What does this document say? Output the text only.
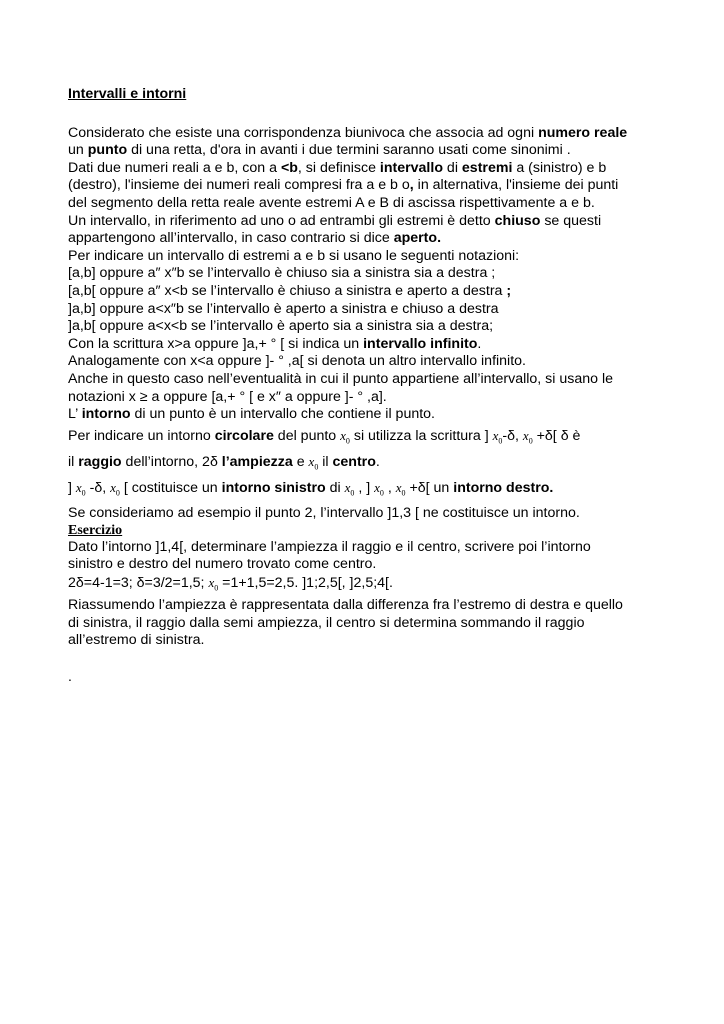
Intervalli e intorni

Considerato che esiste una corrispondenza biunivoca che associa ad ogni numero reale

un punto di una retta, d'ora in avanti i due termini saranno usati come sinonimi .

Dati due numeri reali a e b, con a <b, si definisce intervallo di estremi a (sinistro) e b

(destro), l'insieme dei numeri reali compresi fra a e b o, in alternativa, l'insieme dei punti

del segmento della retta reale avente estremi A e B di ascissa rispettivamente a e b.

Un intervallo, in riferimento ad uno o ad entrambi gli estremi è detto chiuso se questi

appartengono all’intervallo, in caso contrario si dice aperto.

Per indicare un intervallo di estremi a e b si usano le seguenti notazioni:

[a,b] oppure a″ x″b se l’intervallo è chiuso sia a sinistra sia a destra ;

[a,b[ oppure a″ x<b se l’intervallo è chiuso a sinistra e aperto a destra ;

]a,b] oppure a<x″b se l’intervallo è aperto a sinistra e chiuso a destra

]a,b[ oppure a<x<b se l’intervallo è aperto sia a sinistra sia a destra;

Con la scrittura x>a oppure ]a,+ ° [ si indica un intervallo infinito.

Analogamente con x<a oppure ]- ° ,a[ si denota un altro intervallo infinito.

Anche in questo caso nell’eventualità in cui il punto appartiene all’intervallo, si usano le

notazioni x ≥ a oppure [a,+ ° [ e x″ a oppure ]- ° ,a].

L’ intorno di un punto è un intervallo che contiene il punto.

Per indicare un intorno circolare del punto $x_0$ si utilizza la scrittura ] $x_0-\delta$, $x_0 +\delta$[ δ è

il raggio dell’intorno, 2δ l’ampiezza e $x_0$ il centro.

] $x_0$ -δ, $x_0$ [ costituisce un intorno sinistro di $x_0$ , ] $x_0$ , $x_0 +\delta$[ un intorno destro.

Se consideriamo ad esempio il punto 2, l’intervallo ]1,3 [ ne costituisce un intorno.

Esercizio

Dato l’intorno ]1,4[, determinare l’ampiezza il raggio e il centro, scrivere poi l’intorno

sinistro e destro del numero trovato come centro.

2δ=4-1=3; δ=3/2=1,5; $x_0 =1+1,5=2,5$. ]1;2,5[, ]2,5;4[.

Riassumendo l’ampiezza è rappresentata dalla differenza fra l’estremo di destra e quello

di sinistra, il raggio dalla semi ampiezza, il centro si determina sommando il raggio

all’estremo di sinistra.

.
